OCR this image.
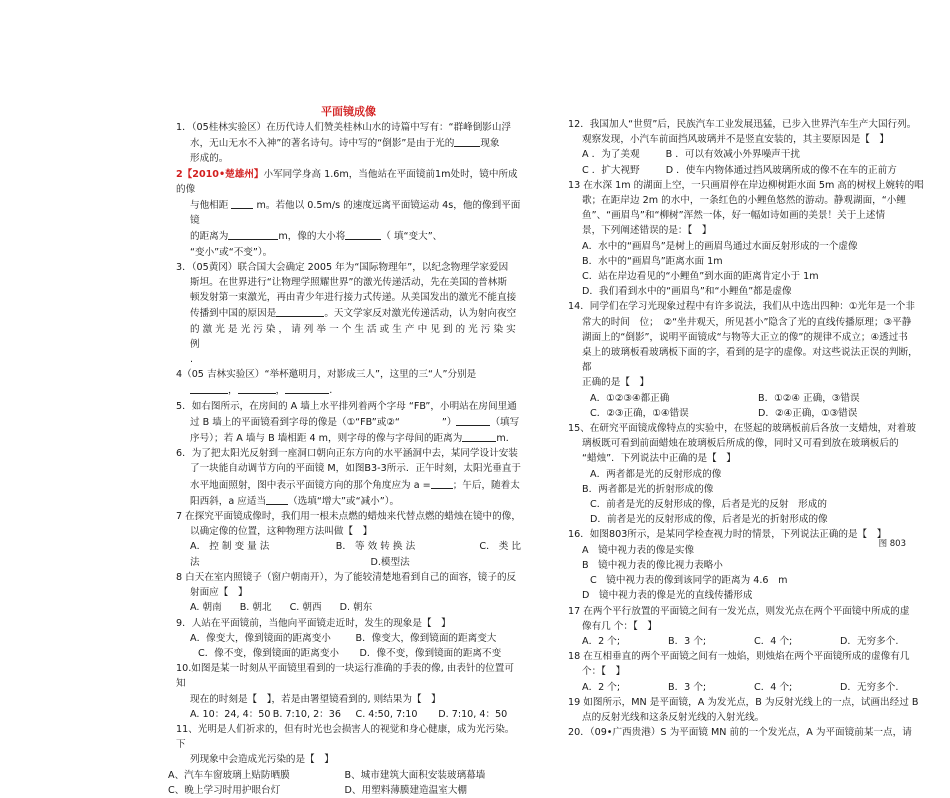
平面镜成像
1．（05桂林实验区）在历代诗人们赞美桂林山水的诗篇中写有：“群峰倒影山浮
水，无山无水不入神”的著名诗句。诗中写的“倒影”是由于光的	现象
形成的。
2【2010•楚雄州】小军同学身高 1.6m，当他站在平面镜前1m处时，镜中所成的像
与他相距	m。若他以 0.5m/s 的速度远离平面镜运动 4s，他的像到平面镜
的距离为	m，像的大小将	（ 填“变大”、
“变小”或“不变”）。
3．（05黄冈）联合国大会确定 2005 年为“国际物理年”，以纪念物理学家爱因
斯坦。在世界进行“让物理学照耀世界”的激光传递活动，先在美国的普林斯
顿发射第一束激光，再由青少年进行接力式传递。从美国发出的激光不能直接
传播到中国的原因是	。天文学家反对激光传递活动，认为射向夜空
的 激 光 是 光 污 染 ， 请 列 举 一 个 生 活 或 生 产 中 见 到 的 光 污 染 实 例
.
4（05 吉林实验区）“举杯邀明月，对影成三人”，这里的三“人”分别是
，	，	.
5．如右图所示，在房间的 A 墙上水平排列着两个字母 “FB”，小明站在房间里通
过 B 墙上的平面镜看到字母的像是（①“FB”或②“	”）	（填写
序号）；若 A 墙与 B 墙相距 4 m，则字母的像与字母间的距离为	m．
6．为了把太阳光反射到一座洞口朝向正东方向的水平涵洞中去，某同学设计安装
了一块能自动调节方向的平面镜 M，如图B3-3所示．正午时刻，太阳光垂直于
水平地面照射，图中表示平面镜方向的那个角度应为 a = ；午后，随着太
阳西斜，a 应适当 （选填“增大”或“减小”）。
7 在探究平面镜成像时，我们用一根未点燃的蜡烛来代替点燃的蜡烛在镜中的像，
以确定像的位置，这种物理方法叫做【　】
A． 控 制 变 量 法	B． 等 效 转 换 法	C． 类 比
法	D.模型法
8 白天在室内照镜子（窗户朝南开），为了能较清楚地看到自己的面容，镜子的反
射面应【　】
A. 朝南 B. 朝北 C. 朝西 D. 朝东
9．人站在平面镜前，当他向平面镜走近时，发生的现象是【　】
A．像变大，像到镜面的距离变小	B．像变大，像到镜面的距离变大
C．像不变，像到镜面的距离变小	D．像不变，像到镜面的距离不变
10.如图是某一时刻从平面镜里看到的一块运行准确的手表的像, 由表针的位置可知
现在的时刻是【　】，若是由署望镜看到的, 则结果为【　】
A. 10：24, 4：50 B. 7:10, 2：36	C. 4:50, 7:10	D. 7:10, 4：50
11、光明是人们祈求的，但有时光也会损害人的视觉和身心健康，成为光污染。下
列现象中会造成光污染的是【　】
A、汽车车窗玻璃上贴防晒膜	B、城市建筑大面积安装玻璃幕墙
C、晚上学习时用护眼台灯	D、用塑料薄膜建造温室大棚
12．我国加人“世贸”后，民族汽车工业发展迅猛，已步入世界汽车生产大国行列。
观察发现，小汽车前面挡风玻璃并不是竖直安装的，其主要原因是【　】
A ．为了美观	B ．可以有效减小外界噪声干扰
C ．扩大视野	D ．使车内物体通过挡风玻璃所成的像不在车的正前方
13 在水深 1m 的湖面上空，一只画眉停在岸边柳树距水面 5m 高的树杈上婉转的唱
歌；在距岸边 2m 的水中，一条红色的小鲤鱼悠然的游动。静观湖面，“小鲤
鱼”、“画眉鸟”和“柳树”浑然一体，好一幅如诗如画的美景！关于上述情
景，下列阐述错误的是：【　】
A．水中的“画眉鸟”是树上的画眉鸟通过水面反射形成的一个虚像
B．水中的“画眉鸟”距离水面 1m
C．站在岸边看见的“小鲤鱼”到水面的距离肯定小于 1m
D．我们看到水中的“画眉鸟”和“小鲤鱼”都是虚像
14．同学们在学习光现象过程中有许多说法，我们从中选出四种：①光年是一个非
常大的时间　位；　②“坐井观天，所见甚小”隐含了光的直线传播原理；③平静
湖面上的“倒影”，说明平面镜成“与物等大正立的像”的规律不成立；④透过书
桌上的玻璃板看玻璃板下面的字，看到的是字的虚像。对这些说法正误的判断，都
正确的是【　】
A．①②③④都正确	B．①②④ 正确，③错误
C．②③正确，①④错误	D．②④正确，①③错误
15、在研究平面镜成像特点的实验中，在竖起的玻璃板前后各放一支蜡烛，对着玻
璃板既可看到前面蜡烛在玻璃板后所成的像，同时又可看到放在玻璃板后的
“蜡烛”．下列说法中正确的是【　】
A．两者都是光的反射形成的像
B．两者都是光的折射形成的像
C．前者是光的反射形成的像，后者是光的反射　形成的
D．前者是光的反射形成的像，后者是光的折射形成的像
图 803
16．如图803所示，是某同学检查视力时的情景，下列说法正确的是【　】
A　镜中视力表的像是实像
B　镜中视力表的像比视力表略小
C　镜中视力表的像到该同学的距离为 4.6　m
D　镜中视力表的像是光的直线传播形成
17 在两个平行放置的平面镜之间有一发光点，则发光点在两个平面镜中所成的虚
像有几 个：【　】
A．2 个;	B．3 个;	C．4 个;	D．无穷多个.
18 在互相垂直的两个平面镜之间有一烛焰，则烛焰在两个平面镜所成的虚像有几
个：【　】
A．2 个;	B．3 个;	C．4 个;	D．无穷多个.
19 如图所示，MN 是平面镜，A 为发光点，B 为反射光线上的一点，试画出经过 B
点的反射光线和这条反射光线的入射光线。
20．（09•广西贵港）S 为平面镜 MN 前的一个发光点，A 为平面镜前某一点，请
